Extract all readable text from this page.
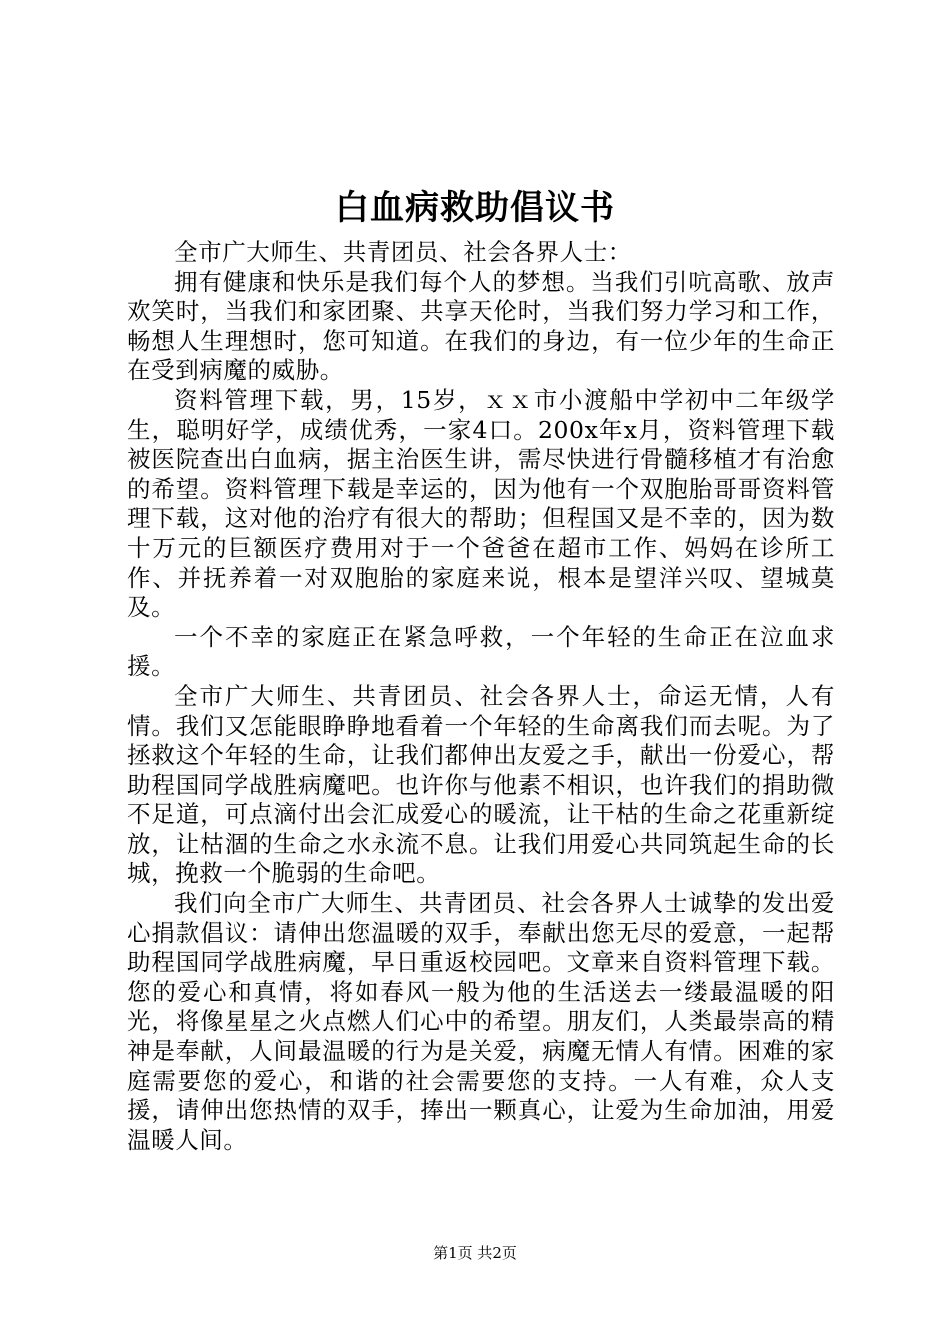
白血病救助倡议书

全市广大师生、共青团员、社会各界人士：

拥有健康和快乐是我们每个人的梦想。当我们引吭高歌、放声欢笑时，当我们和家团聚、共享天伦时，当我们努力学习和工作，畅想人生理想时，您可知道。在我们的身边，有一位少年的生命正在受到病魔的威胁。

资料管理下载，男，15岁，ｘｘ市小渡船中学初中二年级学生，聪明好学，成绩优秀，一家4口。200x年x月，资料管理下载被医院查出白血病，据主治医生讲，需尽快进行骨髓移植才有治愈的希望。资料管理下载是幸运的，因为他有一个双胞胎哥哥资料管理下载，这对他的治疗有很大的帮助；但程国又是不幸的，因为数十万元的巨额医疗费用对于一个爸爸在超市工作、妈妈在诊所工作、并抚养着一对双胞胎的家庭来说，根本是望洋兴叹、望城莫及。

一个不幸的家庭正在紧急呼救，一个年轻的生命正在泣血求援。

全市广大师生、共青团员、社会各界人士，命运无情，人有情。我们又怎能眼睁睁地看着一个年轻的生命离我们而去呢。为了拯救这个年轻的生命，让我们都伸出友爱之手，献出一份爱心，帮助程国同学战胜病魔吧。也许你与他素不相识，也许我们的捐助微不足道，可点滴付出会汇成爱心的暖流，让干枯的生命之花重新绽放，让枯涸的生命之水永流不息。让我们用爱心共同筑起生命的长城，挽救一个脆弱的生命吧。

我们向全市广大师生、共青团员、社会各界人士诚挚的发出爱心捐款倡议：请伸出您温暖的双手，奉献出您无尽的爱意，一起帮助程国同学战胜病魔，早日重返校园吧。文章来自资料管理下载。您的爱心和真情，将如春风一般为他的生活送去一缕最温暖的阳光，将像星星之火点燃人们心中的希望。朋友们，人类最崇高的精神是奉献，人间最温暖的行为是关爱，病魔无情人有情。困难的家庭需要您的爱心，和谐的社会需要您的支持。一人有难，众人支援，请伸出您热情的双手，捧出一颗真心，让爱为生命加油，用爱温暖人间。

第1页 共2页
